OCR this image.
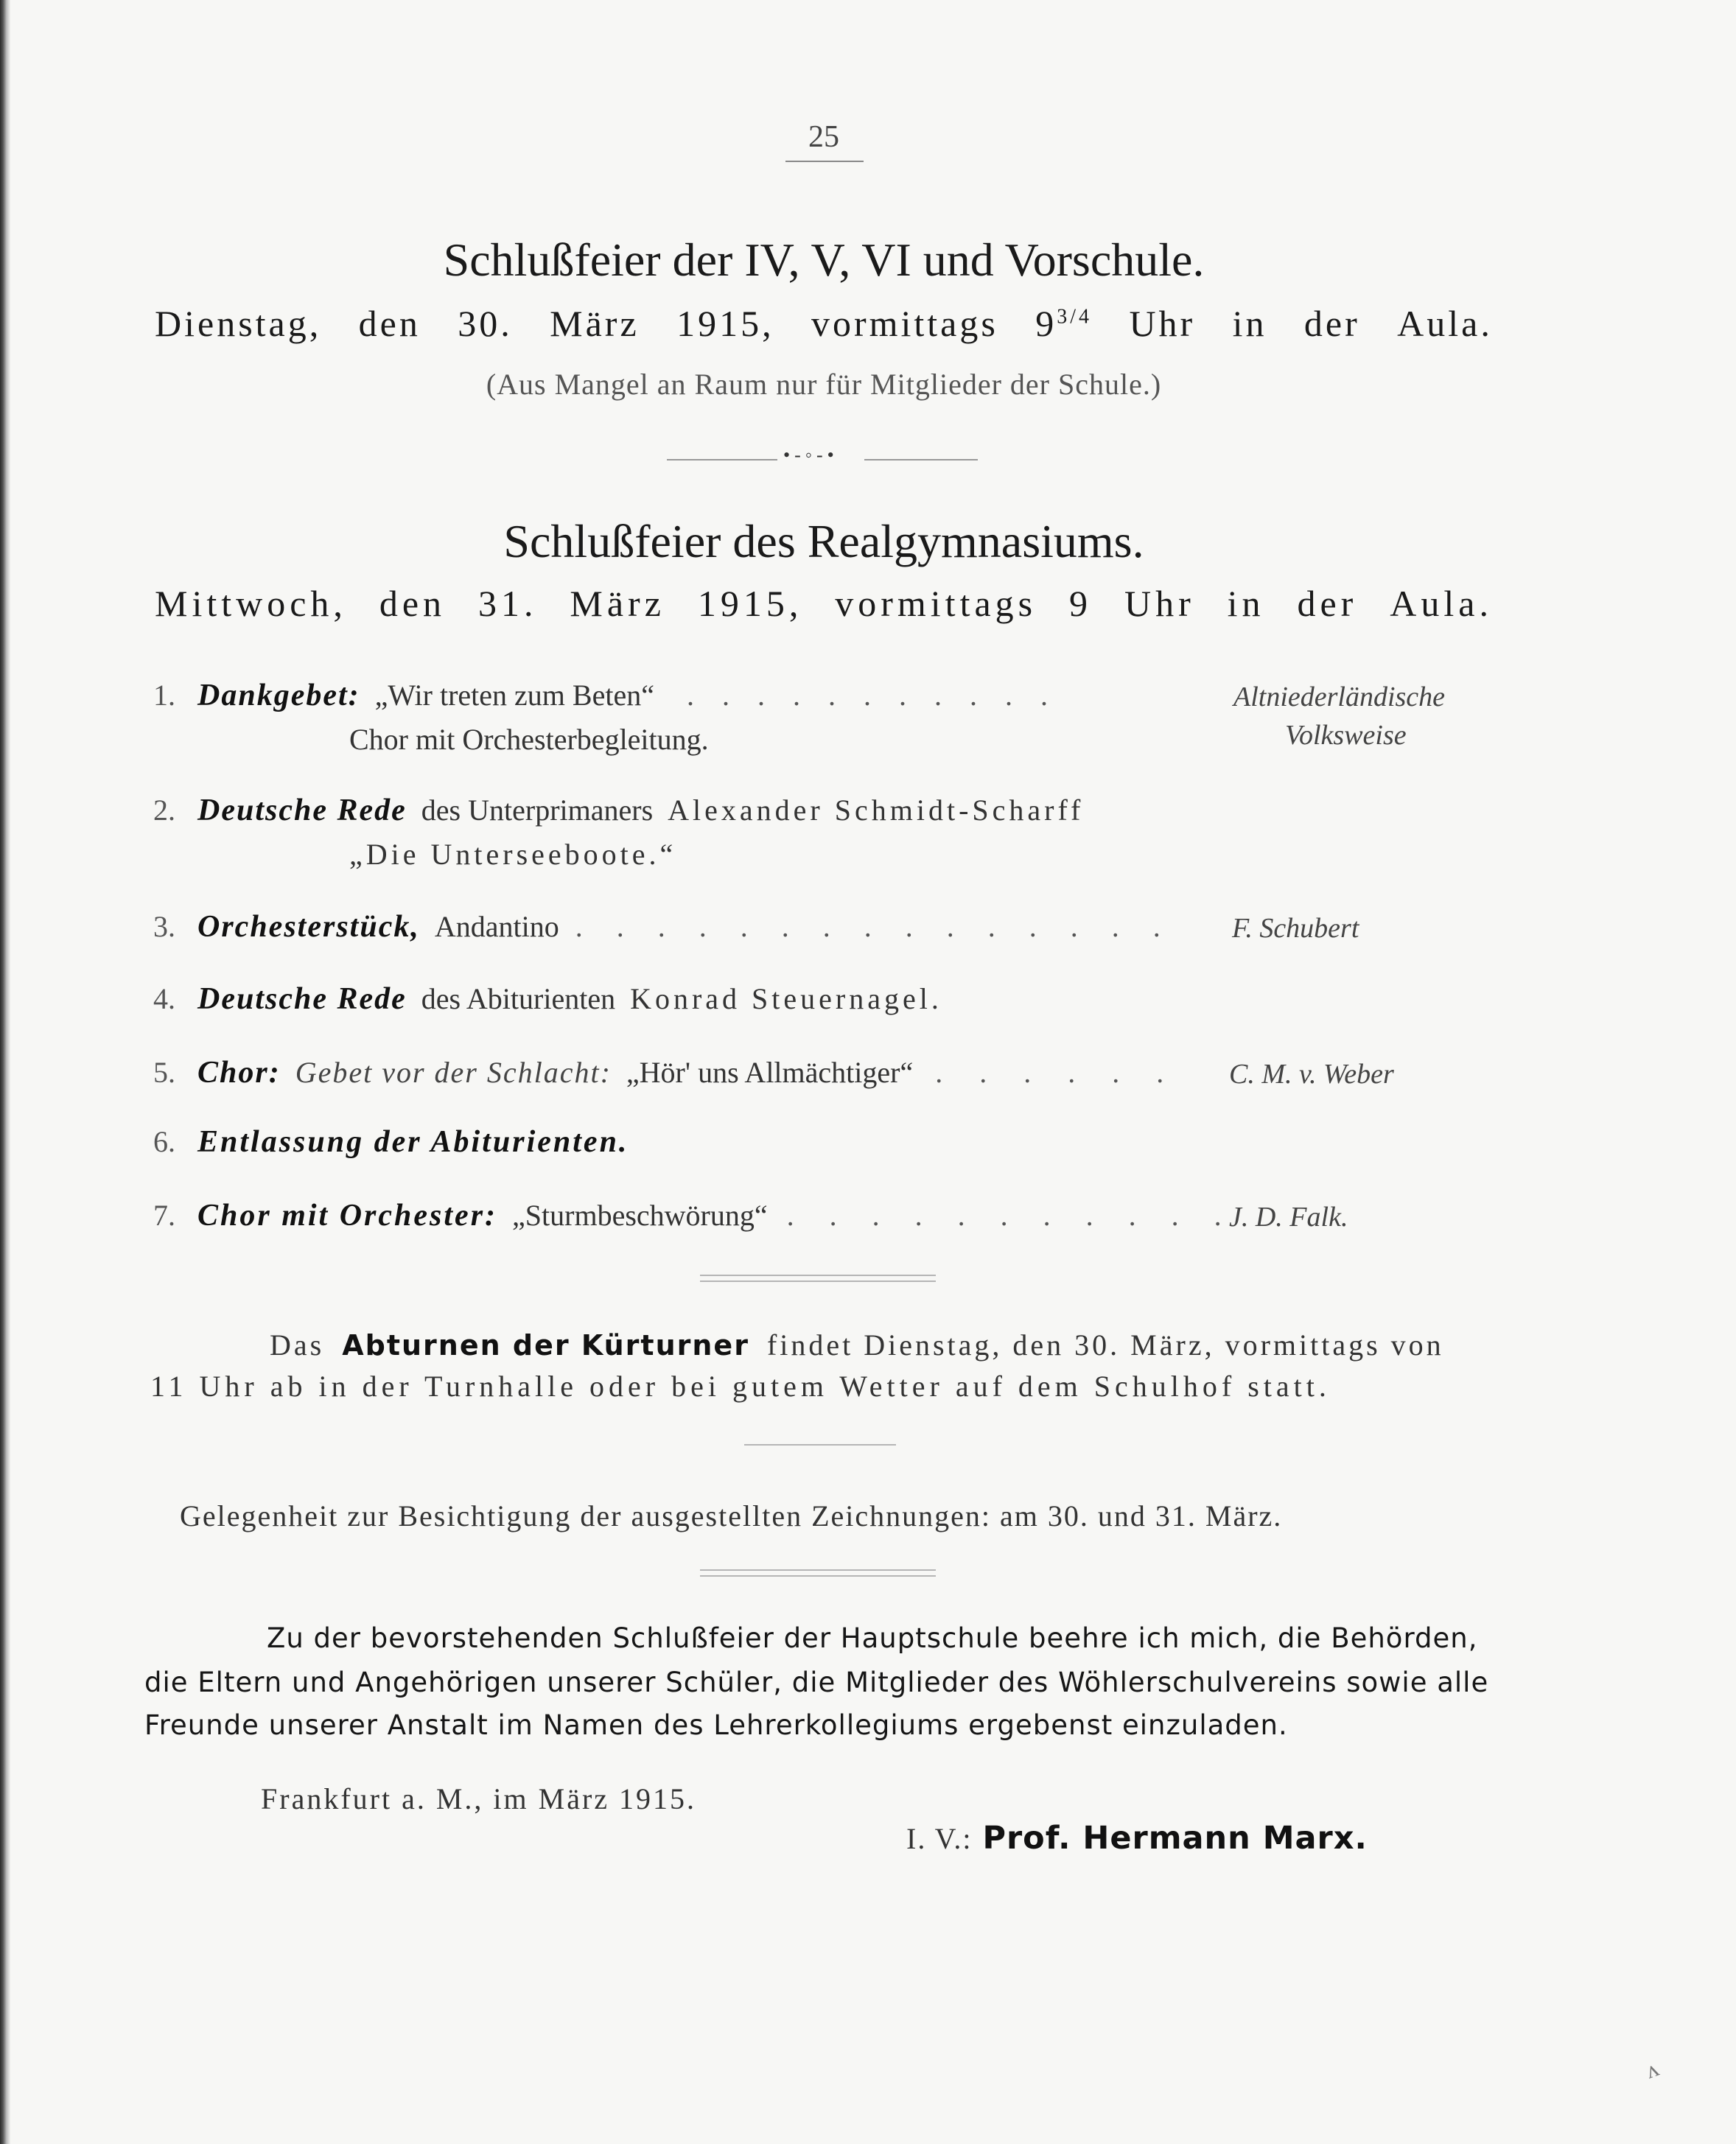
25
Schlußfeier der IV, V, VI und Vorschule.
Dienstag, den 30. März 1915, vormittags $9^{3/4}$ Uhr in der Aula.
(Aus Mangel an Raum nur für Mitglieder der Schule.)
•-◦-•
Schlußfeier des Realgymnasiums.
Mittwoch, den 31. März 1915, vormittags 9 Uhr in der Aula.
1. Dankgebet: „Wir treten zum Beten“ . . . . . . . . . . .	Altniederländische
Chor mit Orchesterbegleitung.	Volksweise
2. Deutsche Rede des Unterprimaners Alexander Schmidt-Scharff
„Die Unterseeboote.“
3. Orchesterstück, Andantino . . . . . . . . . . . . . . . F. Schubert
4. Deutsche Rede des Abiturienten Konrad Steuernagel.
5. Chor: Gebet vor der Schlacht: „Hör' uns Allmächtiger“ . . . . . . C. M. v. Weber
6. Entlassung der Abiturienten.
7. Chor mit Orchester: „Sturmbeschwörung“ . . . . . . . . . . .
J. D. Falk.
Das Abturnen der Kürturner findet Dienstag, den 30. März, vormittags von
11 Uhr ab in der Turnhalle oder bei gutem Wetter auf dem Schulhof statt.
Gelegenheit zur Besichtigung der ausgestellten Zeichnungen: am 30. und 31. März.
Zu der bevorstehenden Schlußfeier der Hauptschule beehre ich mich, die Behörden,
die Eltern und Angehörigen unserer Schüler, die Mitglieder des Wöhlerschulvereins sowie alle
Freunde unserer Anstalt im Namen des Lehrerkollegiums ergebenst einzuladen.
Frankfurt a. M., im März 1915.
I. V.: Prof. Hermann Marx.
ʌ
